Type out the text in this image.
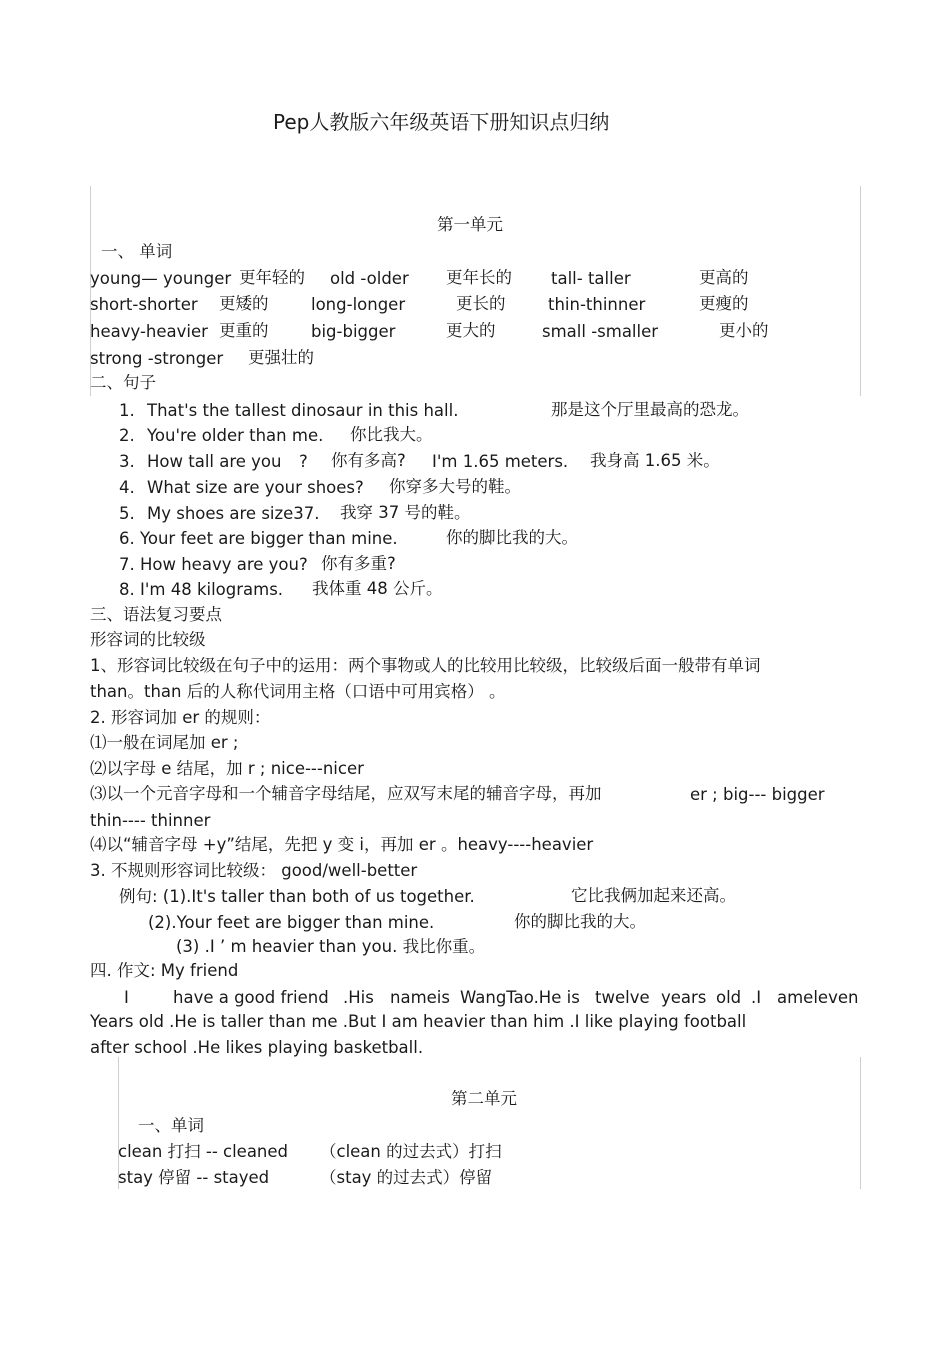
Pep人教版六年级英语下册知识点归纳
第一单元
一、 单词
young— younger 更年轻的 old -older 更年长的 tall- taller	更高的
short-shorter 更矮的	long-longer	更长的	thin-thinner	更瘦的
heavy-heavier 更重的	big-bigger	更大的	small -smaller	更小的
strong -stronger 更强壮的
二、句子
1. That's the tallest dinosaur in this hall.	那是这个厅里最高的恐龙。
2. You're older than me. 你比我大。
3. How tall are you ? 你有多高? I'm 1.65 meters. 我身高 1.65 米。
4. What size are your shoes? 你穿多大号的鞋。
5. My shoes are size37. 我穿 37 号的鞋。
6. Your feet are bigger than mine.	你的脚比我的大。
7. How heavy are you? 你有多重?
8. I'm 48 kilograms. 我体重 48 公斤。
三、语法复习要点
形容词的比较级
1、形容词比较级在句子中的运用：两个事物或人的比较用比较级，比较级后面一般带有单词
than。than 后的人称代词用主格（口语中可用宾格） 。
2. 形容词加 er 的规则：
⑴一般在词尾加 er ;
⑵以字母 e 结尾，加 r ; nice---nicer
⑶以一个元音字母和一个辅音字母结尾，应双写末尾的辅音字母，再加	er ; big--- bigger
thin---- thinner
⑷以“辅音字母 +y”结尾，先把 y 变 i，再加 er 。heavy----heavier
3. 不规则形容词比较级： good/well-better
例句: (1).It's taller than both of us together.	它比我俩加起来还高。
(2).Your feet are bigger than mine.	你的脚比我的大。
(3) .I ’ m heavier than you. 我比你重。
四. 作文: My friend
I	have a good friend .His nameis WangTao.He is twelve years old .I ameleven
Years old .He is taller than me .But I am heavier than him .I like playing football
after school .He likes playing basketball.
第二单元
一、单词
clean 打扫 -- cleaned （clean 的过去式）打扫
stay 停留 -- stayed	（stay 的过去式）停留
